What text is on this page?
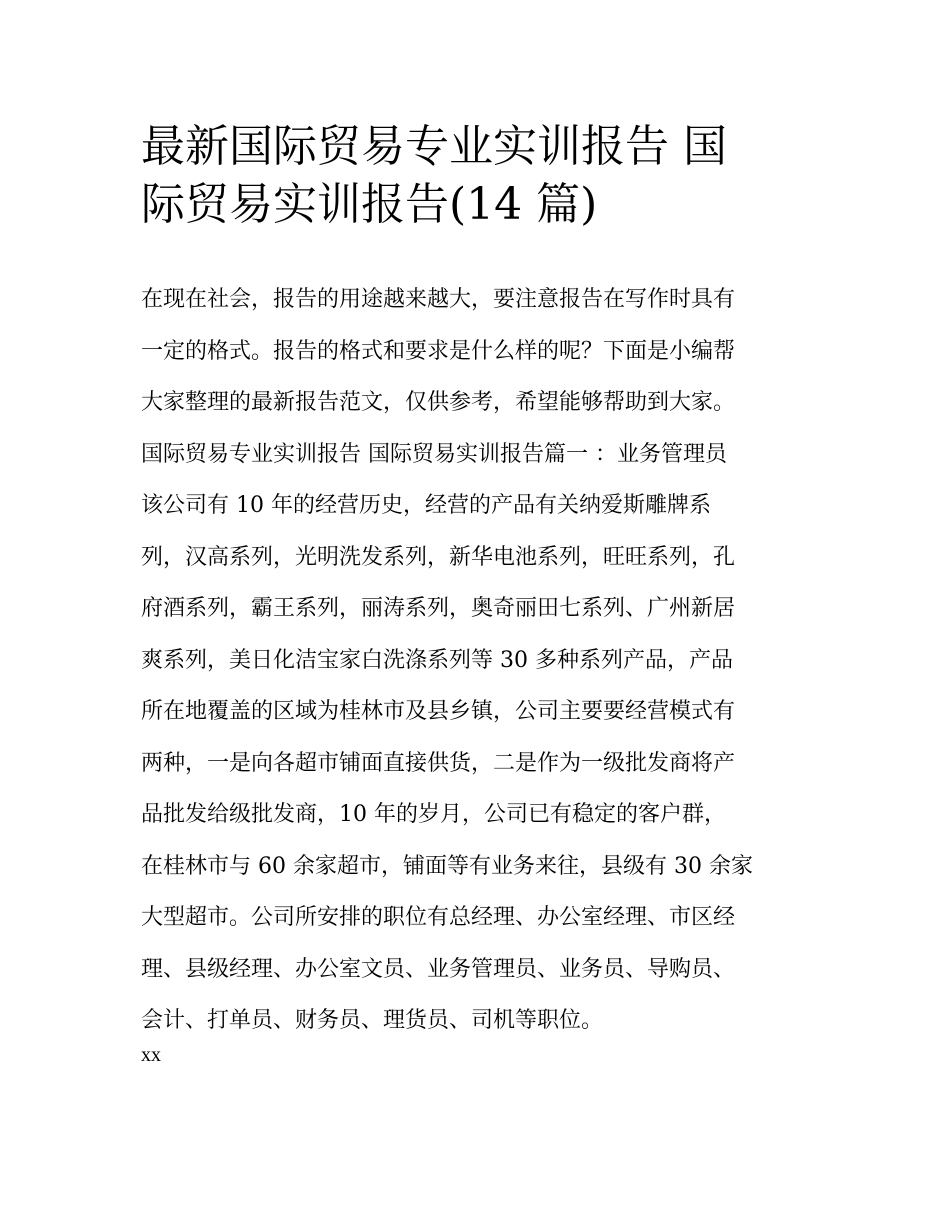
最新国际贸易专业实训报告 国
际贸易实训报告(14 篇)
在现在社会，报告的用途越来越大，要注意报告在写作时具有
一定的格式。报告的格式和要求是什么样的呢？下面是小编帮
大家整理的最新报告范文，仅供参考，希望能够帮助到大家。
国际贸易专业实训报告 国际贸易实训报告篇一 ：业务管理员
该公司有 10 年的经营历史，经营的产品有关纳爱斯雕牌系
列，汉高系列，光明洗发系列，新华电池系列，旺旺系列，孔
府酒系列，霸王系列，丽涛系列，奥奇丽田七系列、广州新居
爽系列，美日化洁宝家白洗涤系列等 30 多种系列产品，产品
所在地覆盖的区域为桂林市及县乡镇，公司主要要经营模式有
两种，一是向各超市铺面直接供货，二是作为一级批发商将产
品批发给级批发商，10 年的岁月，公司已有稳定的客户群，
在桂林市与 60 余家超市，铺面等有业务来往，县级有 30 余家
大型超市。公司所安排的职位有总经理、办公室经理、市区经
理、县级经理、办公室文员、业务管理员、业务员、导购员、
会计、打单员、财务员、理货员、司机等职位。
xx
